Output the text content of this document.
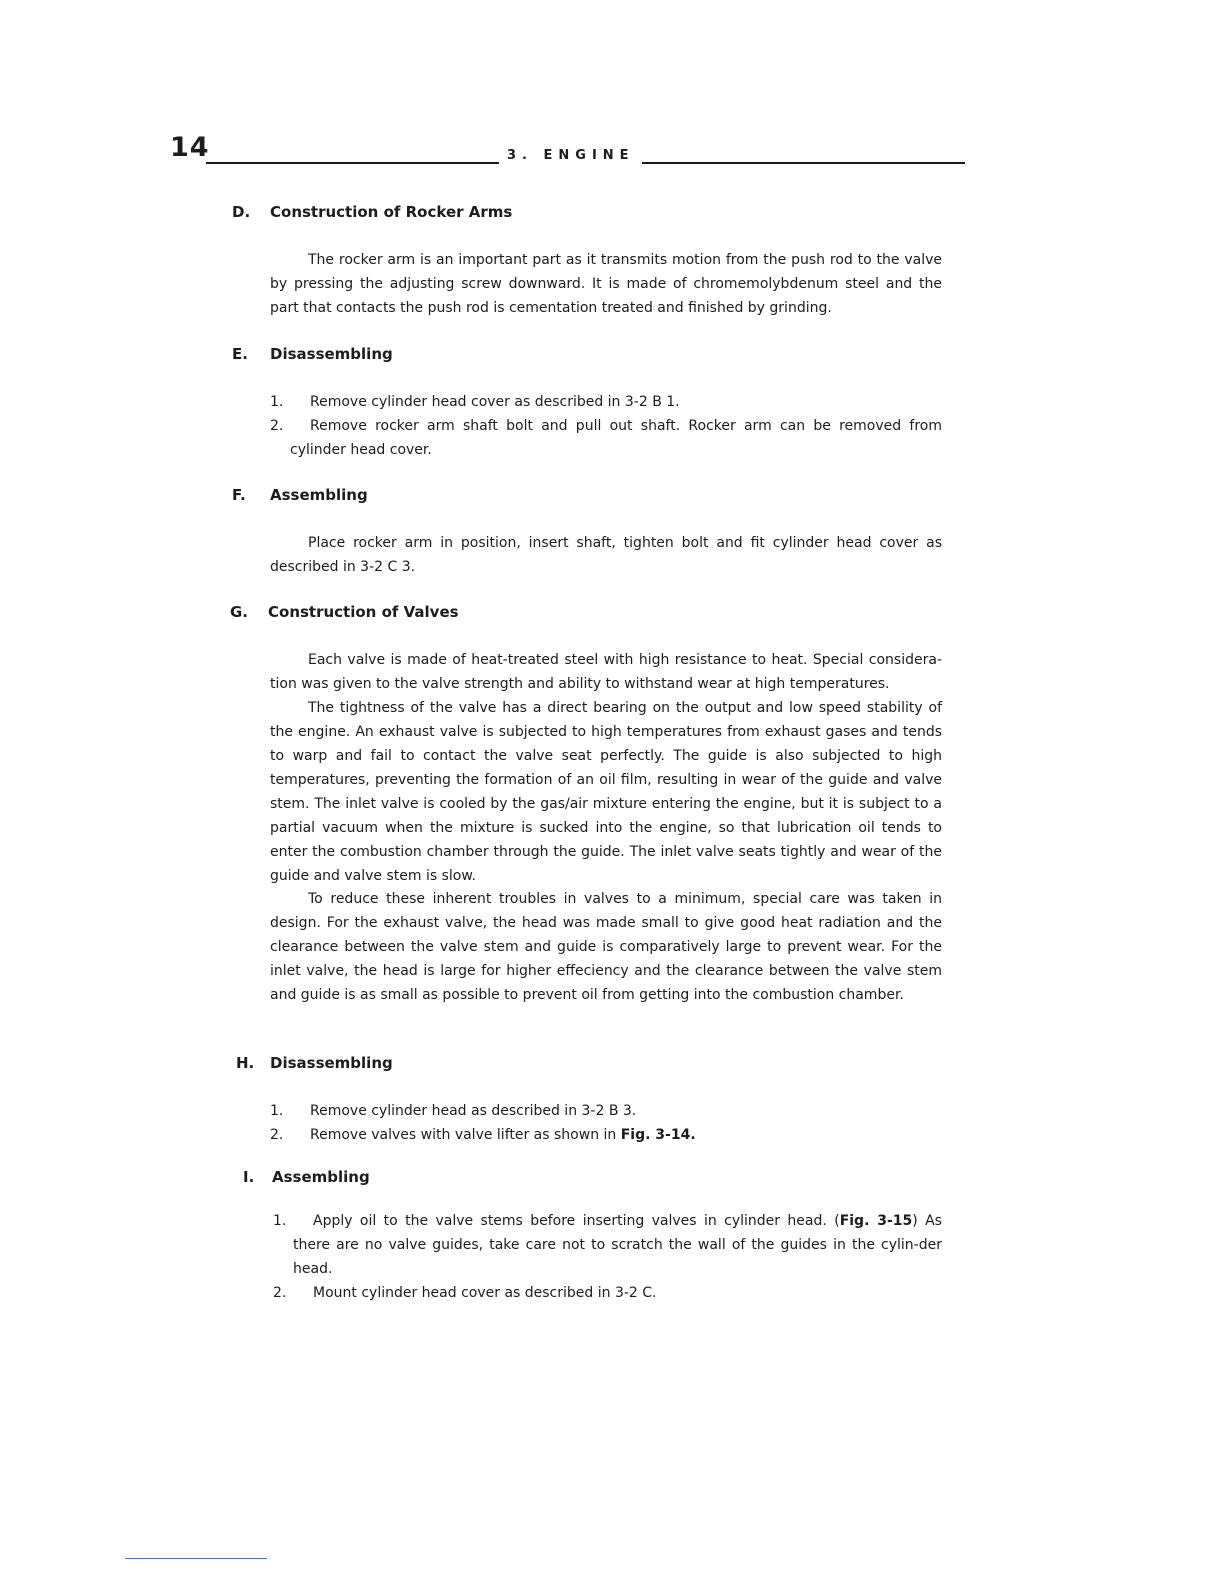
14	3. ENGINE
D. Construction of Rocker Arms

The rocker arm is an important part as it transmits motion from the push rod to the valve by pressing the adjusting screw downward. It is made of chromemolybdenum steel and the part that contacts the push rod is cementation treated and finished by grinding.

E. Disassembling
1. Remove cylinder head cover as described in 3-2 B 1.
2. Remove rocker arm shaft bolt and pull out shaft. Rocker arm can be removed from cylinder head cover.
F. Assembling

Place rocker arm in position, insert shaft, tighten bolt and fit cylinder head cover as described in 3-2 C 3.

G. Construction of Valves

Each valve is made of heat-treated steel with high resistance to heat. Special considera-tion was given to the valve strength and ability to withstand wear at high temperatures.

The tightness of the valve has a direct bearing on the output and low speed stability of the engine. An exhaust valve is subjected to high temperatures from exhaust gases and tends to warp and fail to contact the valve seat perfectly. The guide is also subjected to high temperatures, preventing the formation of an oil film, resulting in wear of the guide and valve stem. The inlet valve is cooled by the gas/air mixture entering the engine, but it is subject to a partial vacuum when the mixture is sucked into the engine, so that lubrication oil tends to enter the combustion chamber through the guide. The inlet valve seats tightly and wear of the guide and valve stem is slow.

To reduce these inherent troubles in valves to a minimum, special care was taken in design. For the exhaust valve, the head was made small to give good heat radiation and the clearance between the valve stem and guide is comparatively large to prevent wear. For the inlet valve, the head is large for higher effeciency and the clearance between the valve stem and guide is as small as possible to prevent oil from getting into the combustion chamber.

H. Disassembling
1. Remove cylinder head as described in 3-2 B 3.
2. Remove valves with valve lifter as shown in Fig. 3-14.
I. Assembling
1. Apply oil to the valve stems before inserting valves in cylinder head. (Fig. 3-15) As there are no valve guides, take care not to scratch the wall of the guides in the cylin-der head.
2. Mount cylinder head cover as described in 3-2 C.
